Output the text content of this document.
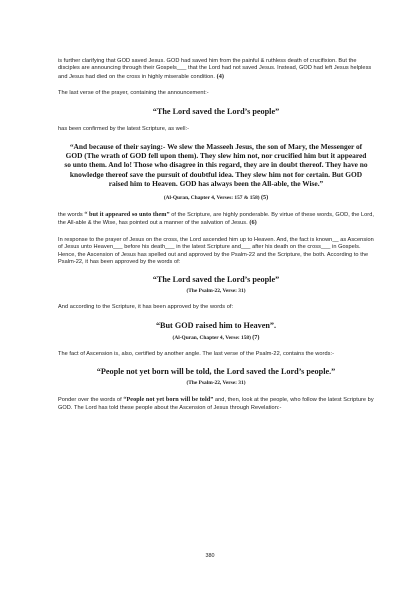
is further clarifying that GOD saved Jesus. GOD had saved him from the painful & ruthless death of crucifixion. But the disciples are announcing through their Gospels___ that the Lord had not saved Jesus. Instead, GOD had left Jesus helpless and Jesus had died on the cross in highly miserable condition. (4)

The last verse of the prayer, containing the announcement:-

“The Lord saved the Lord’s people”

has been confirmed by the latest Scripture, as well:-

“And because of their saying:- We slew the Masseeh Jesus, the son of Mary, the Messenger of GOD (The wrath of GOD fell upon them). They slew him not, nor crucified him but it appeared so unto them. And lo! Those who disagree in this regard, they are in doubt thereof. They have no knowledge thereof save the pursuit of doubtful idea. They slew him not for certain. But GOD raised him to Heaven. GOD has always been the All-able, the Wise.”

(Al-Quran, Chapter 4, Verses: 157 & 158) (5)

the words “ but it appeared so unto them” of the Scripture, are highly ponderable. By virtue of these words, GOD, the Lord, the All-able & the Wise, has pointed out a manner of the salvation of Jesus. (6)

In response to the prayer of Jesus on the cross, the Lord ascended him up to Heaven. And, the fact is known__ as Ascension of Jesus unto Heaven___ before his death___ in the latest Scripture and___ after his death on the cross___ in Gospels. Hence, the Ascension of Jesus has spelled out and approved by the Psalm-22 and the Scripture, the both. According to the Psalm-22, it has been approved by the words of:

“The Lord saved the Lord’s people”

(The Psalm-22, Verse: 31)

And according to the Scripture, it has been approved by the words of:

“But GOD raised him to Heaven”.

(Al-Quran, Chapter 4, Verse: 158) (7)

The fact of Ascension is, also, certified by another angle. The last verse of the Psalm-22, contains the words:-

“People not yet born will be told, the Lord saved the Lord’s people.”

(The Psalm-22, Verse: 31)

Ponder over the words of “People not yet born will be told” and, then, look at the people, who follow the latest Scripture by GOD. The Lord has told these people about the Ascension of Jesus through Revelation:-

380
